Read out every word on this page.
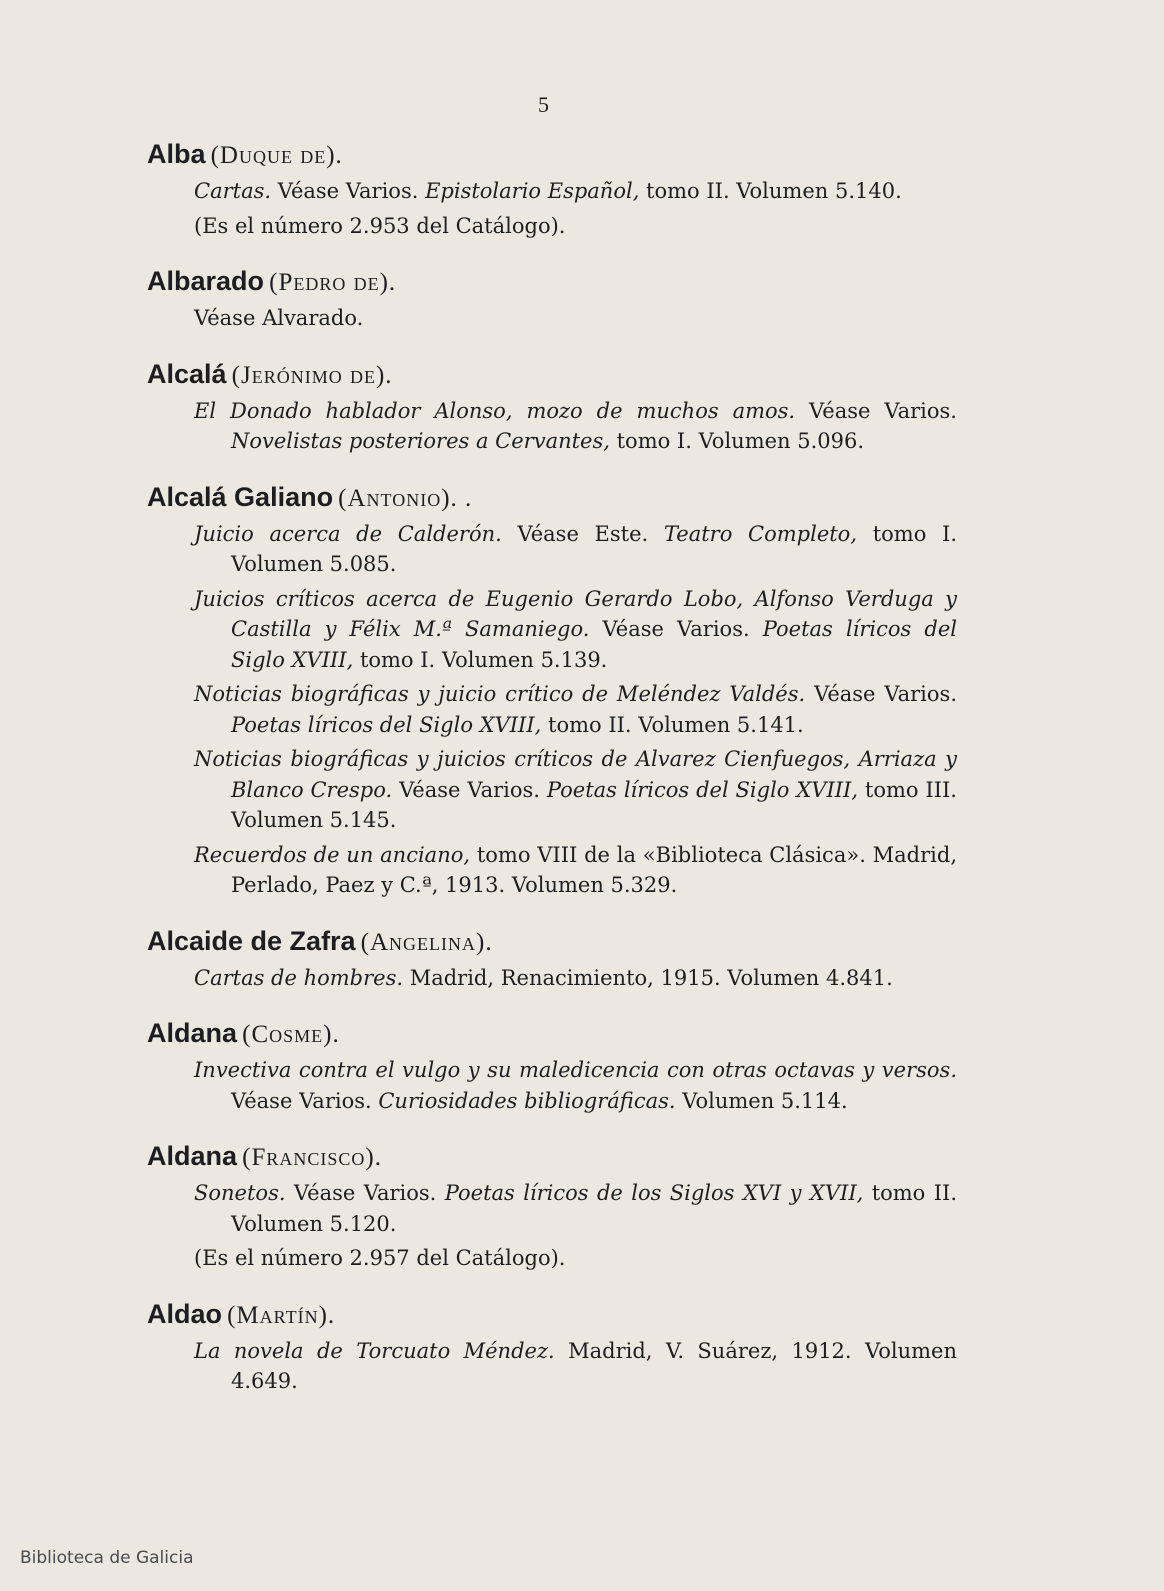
5
Alba (Duque de).
Cartas. Véase Varios. Epistolario Español, tomo II. Volumen 5.140.
(Es el número 2.953 del Catálogo).
Albarado (Pedro de).
Véase Alvarado.
Alcalá (Jerónimo de).
El Donado hablador Alonso, mozo de muchos amos. Véase Varios. Novelistas posteriores a Cervantes, tomo I. Volumen 5.096.
Alcalá Galiano (Antonio). .
Juicio acerca de Calderón. Véase Este. Teatro Completo, tomo I. Volumen 5.085.
Juicios críticos acerca de Eugenio Gerardo Lobo, Alfonso Verduga y Castilla y Félix M.ª Samaniego. Véase Varios. Poetas líricos del Siglo XVIII, tomo I. Volumen 5.139.
Noticias biográficas y juicio crítico de Meléndez Valdés. Véase Varios. Poetas líricos del Siglo XVIII, tomo II. Volumen 5.141.
Noticias biográficas y juicios críticos de Alvarez Cienfuegos, Arriaza y Blanco Crespo. Véase Varios. Poetas líricos del Siglo XVIII, tomo III. Volumen 5.145.
Recuerdos de un anciano, tomo VIII de la «Biblioteca Clásica». Madrid, Perlado, Paez y C.ª, 1913. Volumen 5.329.
Alcaide de Zafra (Angelina).
Cartas de hombres. Madrid, Renacimiento, 1915. Volumen 4.841.
Aldana (Cosme).
Invectiva contra el vulgo y su maledicencia con otras octavas y versos. Véase Varios. Curiosidades bibliográficas. Volumen 5.114.
Aldana (Francisco).
Sonetos. Véase Varios. Poetas líricos de los Siglos XVI y XVII, tomo II. Volumen 5.120.
(Es el número 2.957 del Catálogo).
Aldao (Martín).
La novela de Torcuato Méndez. Madrid, V. Suárez, 1912. Volumen 4.649.
Biblioteca de Galicia
